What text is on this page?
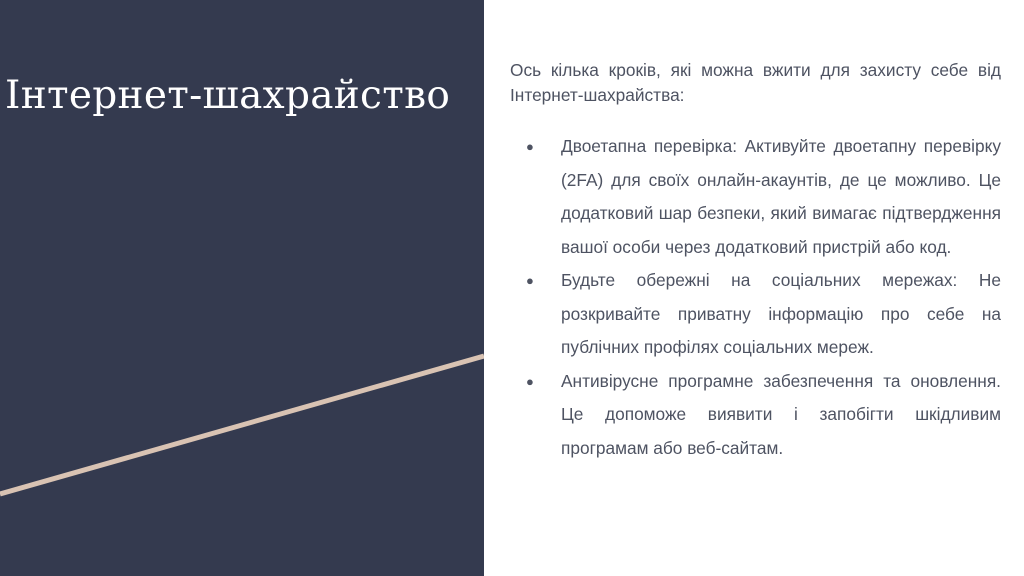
Інтернет-шахрайство

Ось кілька кроків, які можна вжити для захисту себе від Інтернет-шахрайства:

● Двоетапна перевірка: Активуйте двоетапну перевірку (2FA) для своїх онлайн-акаунтів, де це можливо. Це додатковий шар безпеки, який вимагає підтвердження вашої особи через додатковий пристрій або код.
● Будьте обережні на соціальних мережах: Не розкривайте приватну інформацію про себе на публічних профілях соціальних мереж.
● Антивірусне програмне забезпечення та оновлення. Це допоможе виявити і запобігти шкідливим програмам або веб-сайтам.
